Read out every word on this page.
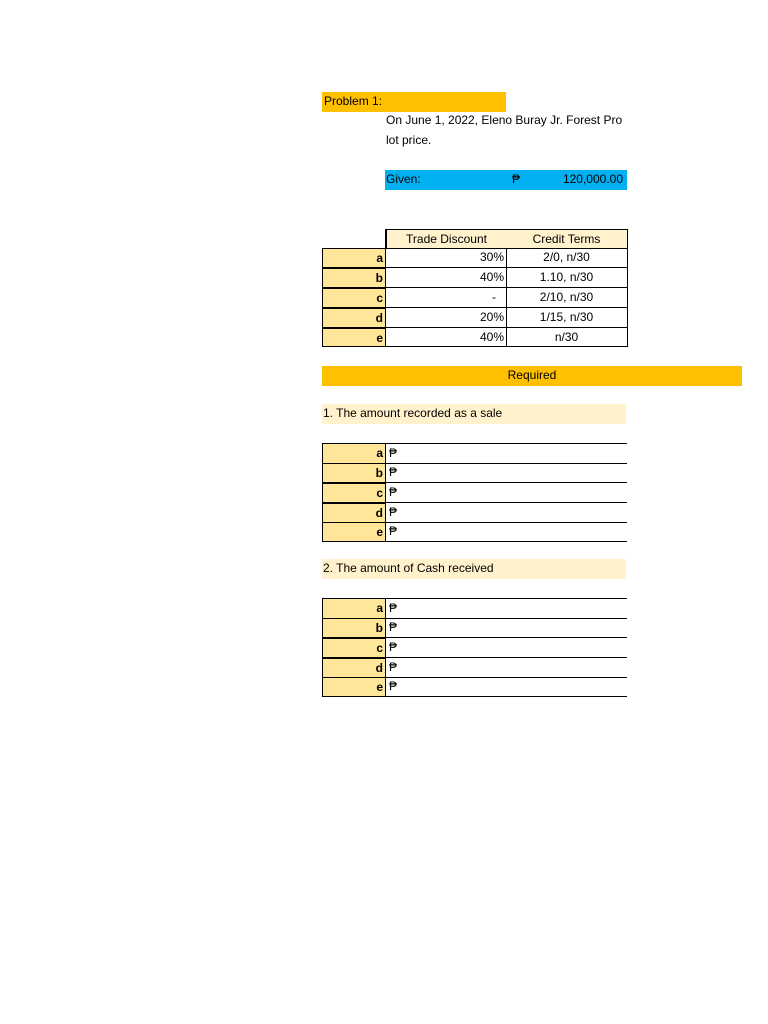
Problem 1:
On June 1, 2022, Eleno Buray Jr. Forest Pro
lot price.
Given:	₱	120,000.00
Trade Discount	Credit Terms
a	30%	2/0, n/30
b	40%	1.10, n/30
c	-	2/10, n/30
d	20%	1/15, n/30
e	40%	n/30
Required
1. The amount recorded as a sale
a ₱
b ₱
c ₱
d ₱
e ₱
2. The amount of Cash received
a ₱
b ₱
c ₱
d ₱
e ₱
